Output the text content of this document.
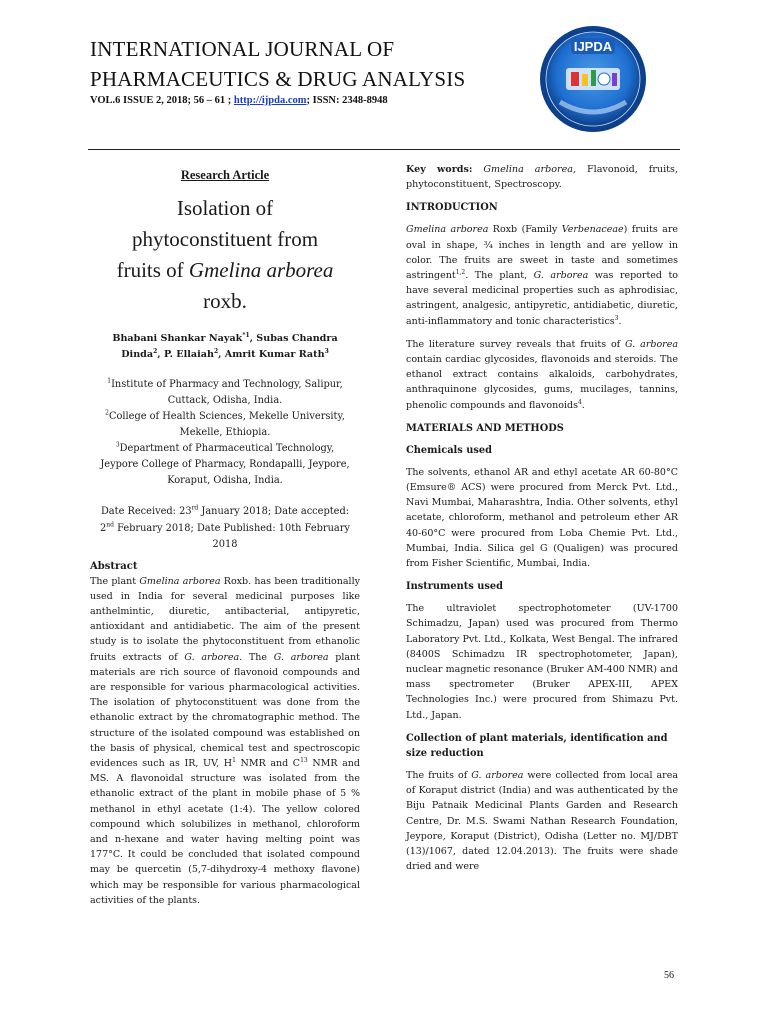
INTERNATIONAL JOURNAL OF
PHARMACEUTICS & DRUG ANALYSIS
VOL.6 ISSUE 2, 2018; 56 – 61 ; http://ijpda.com; ISSN: 2348-8948
IJPDA
Research Article
Isolation of
phytoconstituent from
fruits of Gmelina arborea
roxb.
Bhabani Shankar Nayak$^{*1}$, Subas Chandra
Dinda$^2$, P. Ellaiah$^2$, Amrit Kumar Rath$^3$
$^1$Institute of Pharmacy and Technology, Salipur,
Cuttack, Odisha, India.
$^2$College of Health Sciences, Mekelle University,
Mekelle, Ethiopia.
$^3$Department of Pharmaceutical Technology,
Jeypore College of Pharmacy, Rondapalli, Jeypore,
Koraput, Odisha, India.
Date Received: 23rd January 2018; Date accepted:
2nd February 2018; Date Published: 10th February
2018
Abstract
The plant Gmelina arborea Roxb. has been traditionally used in India for several medicinal purposes like anthelmintic, diuretic, antibacterial, antipyretic, antioxidant and antidiabetic. The aim of the present study is to isolate the phytoconstituent from ethanolic fruits extracts of G. arborea. The G. arborea plant materials are rich source of flavonoid compounds and are responsible for various pharmacological activities. The isolation of phytoconstituent was done from the ethanolic extract by the chromatographic method. The structure of the isolated compound was established on the basis of physical, chemical test and spectroscopic evidences such as IR, UV, $H^1$ NMR and $C^{13}$ NMR and MS. A flavonoidal structure was isolated from the ethanolic extract of the plant in mobile phase of 5 % methanol in ethyl acetate (1:4). The yellow colored compound which solubilizes in methanol, chloroform and n-hexane and water having melting point was 177°C. It could be concluded that isolated compound may be quercetin (5,7-dihydroxy-4 methoxy flavone) which may be responsible for various pharmacological activities of the plants.
Key words: Gmelina arborea, Flavonoid, fruits, phytoconstituent, Spectroscopy.
INTRODUCTION
Gmelina arborea Roxb (Family Verbenaceae) fruits are oval in shape, ¾ inches in length and are yellow in color. The fruits are sweet in taste and sometimes astringent$^{1,2}$. The plant, G. arborea was reported to have several medicinal properties such as aphrodisiac, astringent, analgesic, antipyretic, antidiabetic, diuretic, anti-inflammatory and tonic characteristics$^3$.
The literature survey reveals that fruits of G. arborea contain cardiac glycosides, flavonoids and steroids. The ethanol extract contains alkaloids, carbohydrates, anthraquinone glycosides, gums, mucilages, tannins, phenolic compounds and flavonoids$^4$.
MATERIALS AND METHODS
Chemicals used
The solvents, ethanol AR and ethyl acetate AR 60-80°C (Emsure® ACS) were procured from Merck Pvt. Ltd., Navi Mumbai, Maharashtra, India. Other solvents, ethyl acetate, chloroform, methanol and petroleum ether AR 40-60°C were procured from Loba Chemie Pvt. Ltd., Mumbai, India. Silica gel G (Qualigen) was procured from Fisher Scientific, Mumbai, India.
Instruments used
The ultraviolet spectrophotometer (UV-1700 Schimadzu, Japan) used was procured from Thermo Laboratory Pvt. Ltd., Kolkata, West Bengal. The infrared (8400S Schimadzu IR spectrophotometer, Japan), nuclear magnetic resonance (Bruker AM-400 NMR) and mass spectrometer (Bruker APEX-III, APEX Technologies Inc.) were procured from Shimazu Pvt. Ltd., Japan.
Collection of plant materials, identification and size reduction
The fruits of G. arborea were collected from local area of Koraput district (India) and was authenticated by the Biju Patnaik Medicinal Plants Garden and Research Centre, Dr. M.S. Swami Nathan Research Foundation, Jeypore, Koraput (District), Odisha (Letter no. MJ/DBT (13)/1067, dated 12.04.2013). The fruits were shade dried and were
56
